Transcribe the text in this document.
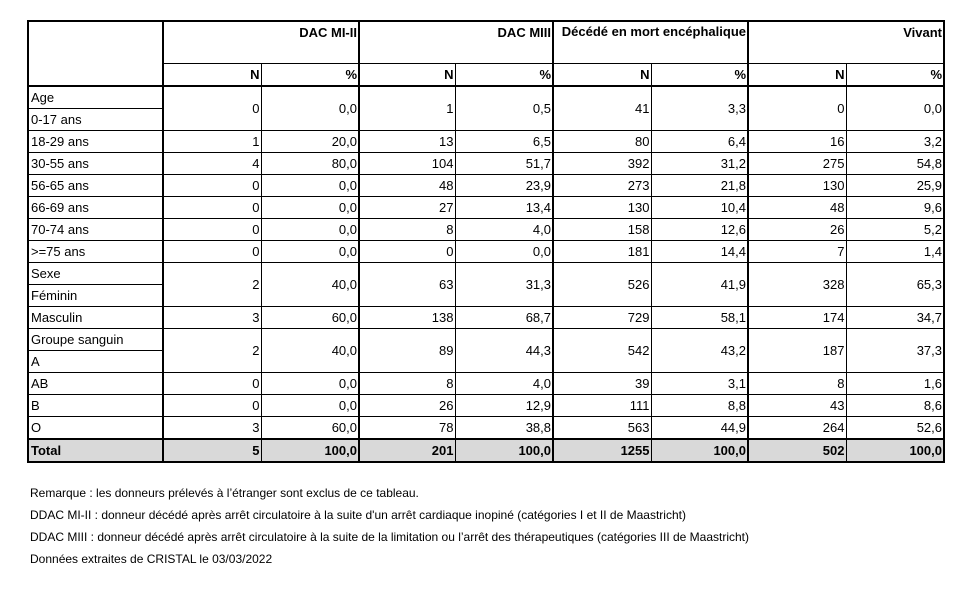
	DAC MI-II		DAC MIII		Décédé en mort encéphalique		Vivant	
	N	%	N	%	N	%	N	%

Age
0-17 ans	0	0,0	1	0,5	41	3,3	0	0,0
18-29 ans	1	20,0	13	6,5	80	6,4	16	3,2
30-55 ans	4	80,0	104	51,7	392	31,2	275	54,8
56-65 ans	0	0,0	48	23,9	273	21,8	130	25,9
66-69 ans	0	0,0	27	13,4	130	10,4	48	9,6
70-74 ans	0	0,0	8	4,0	158	12,6	26	5,2
>=75 ans	0	0,0	0	0,0	181	14,4	7	1,4

Sexe
Féminin	2	40,0	63	31,3	526	41,9	328	65,3
Masculin	3	60,0	138	68,7	729	58,1	174	34,7

Groupe sanguin
A	2	40,0	89	44,3	542	43,2	187	37,3
AB	0	0,0	8	4,0	39	3,1	8	1,6
B	0	0,0	26	12,9	111	8,8	43	8,6
O	3	60,0	78	38,8	563	44,9	264	52,6
Total	5	100,0	201	100,0	1255	100,0	502	100,0
Remarque : les donneurs prélevés à l’étranger sont exclus de ce tableau.
DDAC MI-II : donneur décédé après arrêt circulatoire à la suite d'un arrêt cardiaque inopiné (catégories I et II de Maastricht)
DDAC MIII : donneur décédé après arrêt circulatoire à la suite de la limitation ou l’arrêt des thérapeutiques (catégories III de Maastricht)
Données extraites de CRISTAL le 03/03/2022
